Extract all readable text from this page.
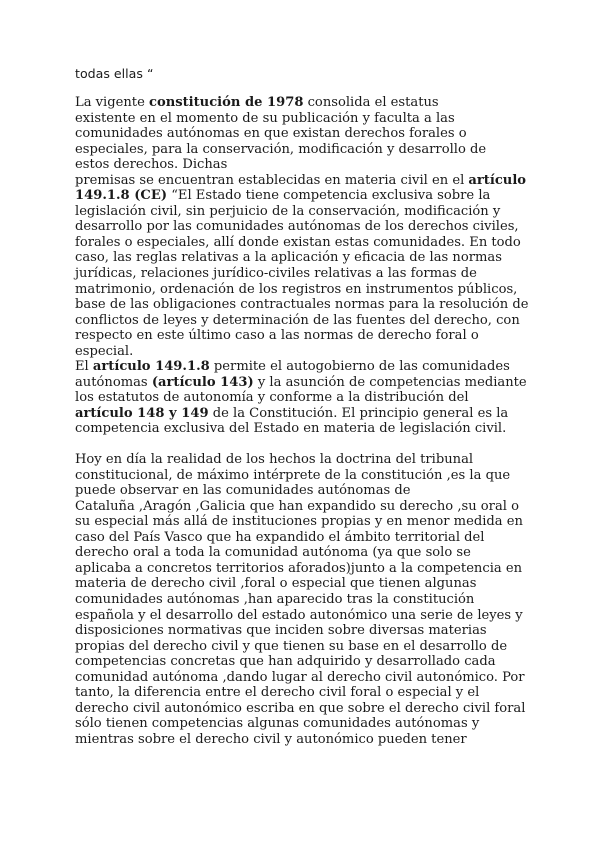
todas ellas “
La vigente constitución de 1978 consolida el estatus
existente en el momento de su publicación y faculta a las
comunidades autónomas en que existan derechos forales o
especiales, para la conservación, modificación y desarrollo de
estos derechos. Dichas
premisas se encuentran establecidas en materia civil en el artículo
149.1.8 (CE) “El Estado tiene competencia exclusiva sobre la
legislación civil, sin perjuicio de la conservación, modificación y
desarrollo por las comunidades autónomas de los derechos civiles,
forales o especiales, allí donde existan estas comunidades. En todo
caso, las reglas relativas a la aplicación y eficacia de las normas
jurídicas, relaciones jurídico-civiles relativas a las formas de
matrimonio, ordenación de los registros en instrumentos públicos,
base de las obligaciones contractuales normas para la resolución de
conflictos de leyes y determinación de las fuentes del derecho, con
respecto en este último caso a las normas de derecho foral o
especial.
El artículo 149.1.8 permite el autogobierno de las comunidades
autónomas (artículo 143) y la asunción de competencias mediante
los estatutos de autonomía y conforme a la distribución del
artículo 148 y 149 de la Constitución. El principio general es la
competencia exclusiva del Estado en materia de legislación civil.
Hoy en día la realidad de los hechos la doctrina del tribunal
constitucional, de máximo intérprete de la constitución ,es la que
puede observar en las comunidades autónomas de
Cataluña ,Aragón ,Galicia que han expandido su derecho ,su oral o
su especial más allá de instituciones propias y en menor medida en
caso del País Vasco que ha expandido el ámbito territorial del
derecho oral a toda la comunidad autónoma (ya que solo se
aplicaba a concretos territorios aforados)junto a la competencia en
materia de derecho civil ,foral o especial que tienen algunas
comunidades autónomas ,han aparecido tras la constitución
española y el desarrollo del estado autonómico una serie de leyes y
disposiciones normativas que inciden sobre diversas materias
propias del derecho civil y que tienen su base en el desarrollo de
competencias concretas que han adquirido y desarrollado cada
comunidad autónoma ,dando lugar al derecho civil autonómico. Por
tanto, la diferencia entre el derecho civil foral o especial y el
derecho civil autonómico escriba en que sobre el derecho civil foral
sólo tienen competencias algunas comunidades autónomas y
mientras sobre el derecho civil y autonómico pueden tener
